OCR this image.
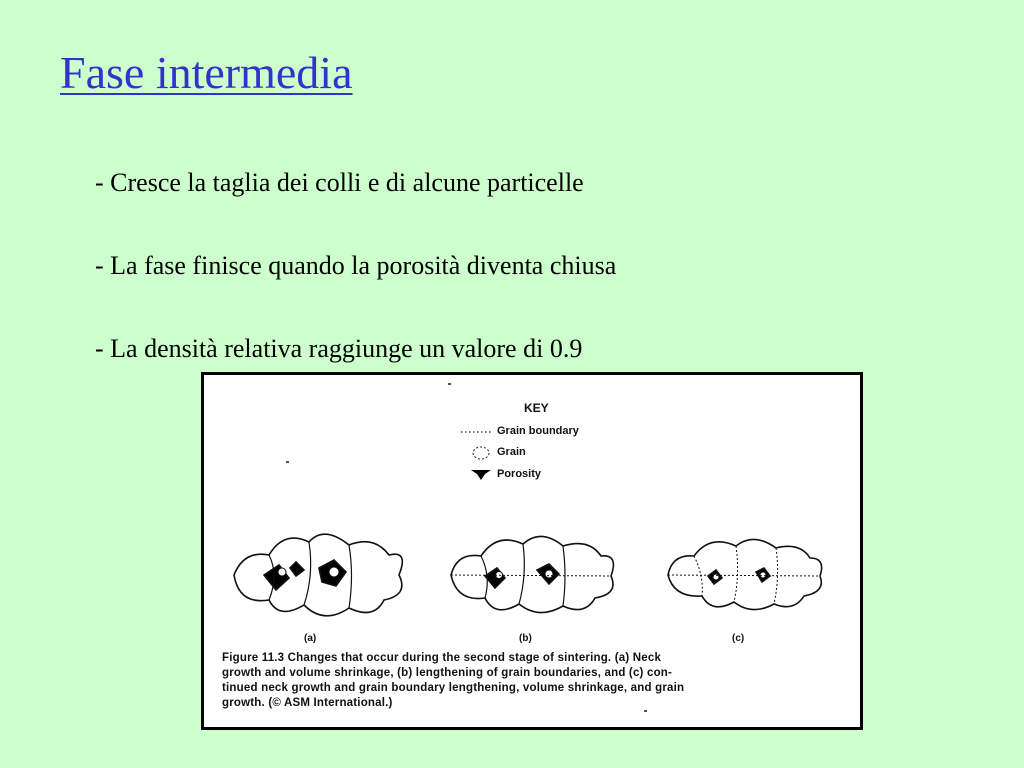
Fase intermedia
- Cresce la taglia dei colli e di alcune particelle
- La fase finisce quando la porosità diventa chiusa
- La densità relativa raggiunge un valore di 0.9
KEY
Grain boundary
Grain
Porosity
(a)	(b)	(c)
Figure 11.3 Changes that occur during the second stage of sintering. (a) Neck
growth and volume shrinkage, (b) lengthening of grain boundaries, and (c) con-
tinued neck growth and grain boundary lengthening, volume shrinkage, and grain
growth. (© ASM International.)
